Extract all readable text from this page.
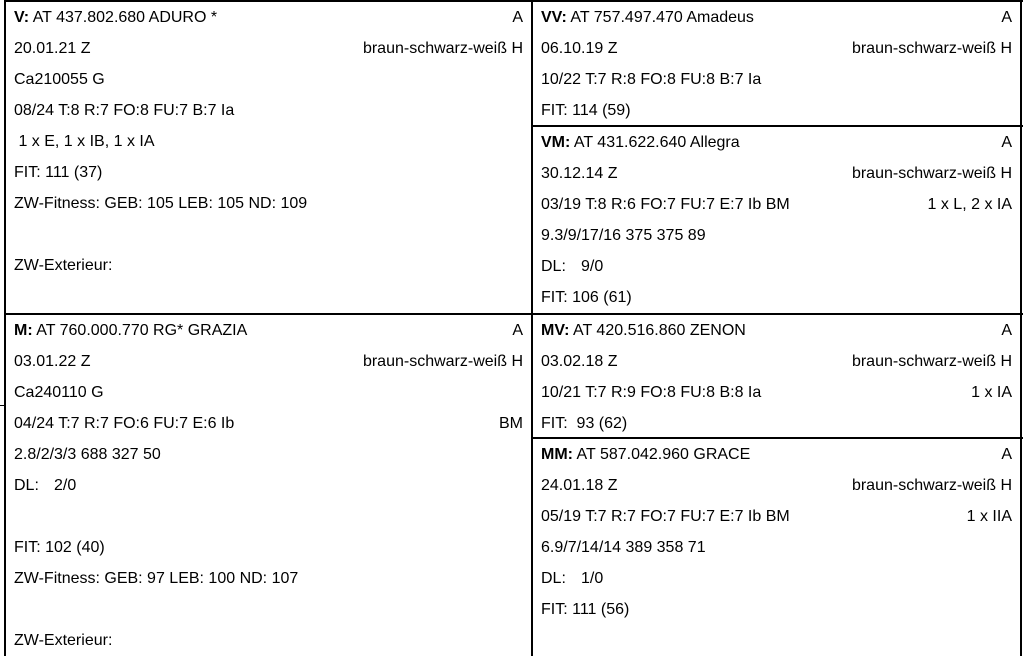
V: AT 437.802.680 ADURO *	A
20.01.21 Z	braun-schwarz-weiß H
Ca210055 G
08/24 T:8 R:7 FO:8 FU:7 B:7 Ia
1 x E, 1 x IB, 1 x IA
FIT: 111 (37)
ZW-Fitness: GEB: 105 LEB: 105 ND: 109
ZW-Exterieur:
VV: AT 757.497.470 Amadeus	A
06.10.19 Z	braun-schwarz-weiß H
10/22 T:7 R:8 FO:8 FU:8 B:7 Ia
FIT: 114 (59)
VM: AT 431.622.640 Allegra	A
30.12.14 Z	braun-schwarz-weiß H
03/19 T:8 R:6 FO:7 FU:7 E:7 Ib BM	1 x L, 2 x IA
9.3/9/17/16 375 375 89
DL: 9/0
FIT: 106 (61)
M: AT 760.000.770 RG* GRAZIA	A
03.01.22 Z	braun-schwarz-weiß H
Ca240110 G
04/24 T:7 R:7 FO:6 FU:7 E:6 Ib	BM
2.8/2/3/3 688 327 50
DL: 2/0
FIT: 102 (40)
ZW-Fitness: GEB: 97 LEB: 100 ND: 107
ZW-Exterieur:
MV: AT 420.516.860 ZENON	A
03.02.18 Z	braun-schwarz-weiß H
10/21 T:7 R:9 FO:8 FU:8 B:8 Ia	1 x IA
FIT:  93 (62)
MM: AT 587.042.960 GRACE	A
24.01.18 Z	braun-schwarz-weiß H
05/19 T:7 R:7 FO:7 FU:7 E:7 Ib BM	1 x IIA
6.9/7/14/14 389 358 71
DL: 1/0
FIT: 111 (56)
